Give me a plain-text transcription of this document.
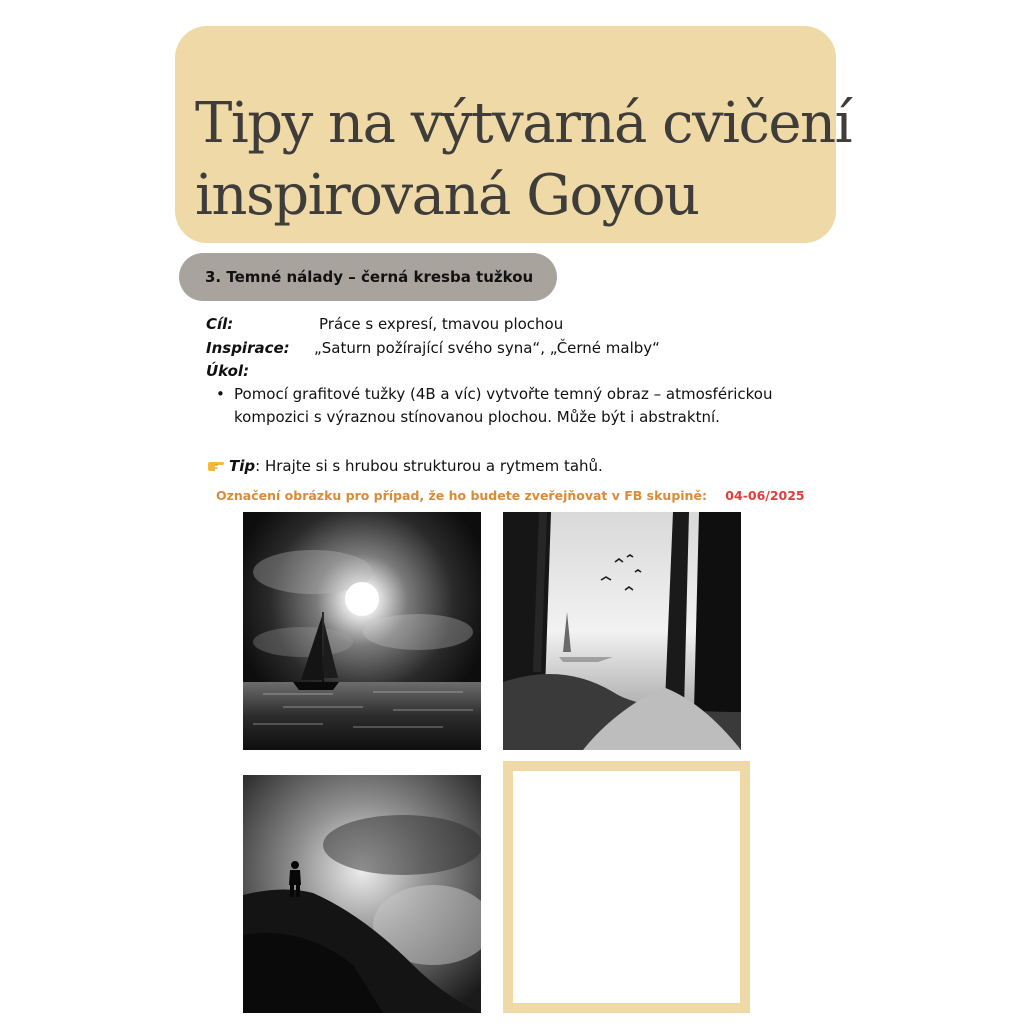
Tipy na výtvarná cvičení
inspirovaná Goyou
3. Temné nálady – černá kresba tužkou
Cíl:	Práce s expresí, tmavou plochou
Inspirace: „Saturn požírající svého syna“, „Černé malby“
Úkol:
• Pomocí grafitové tužky (4B a víc) vytvořte temný obraz – atmosférickou kompozici s výraznou stínovanou plochou. Může být i abstraktní.
Tip: Hrajte si s hrubou strukturou a rytmem tahů.
Označení obrázku pro případ, že ho budete zveřejňovat v FB skupině: 04-06/2025
